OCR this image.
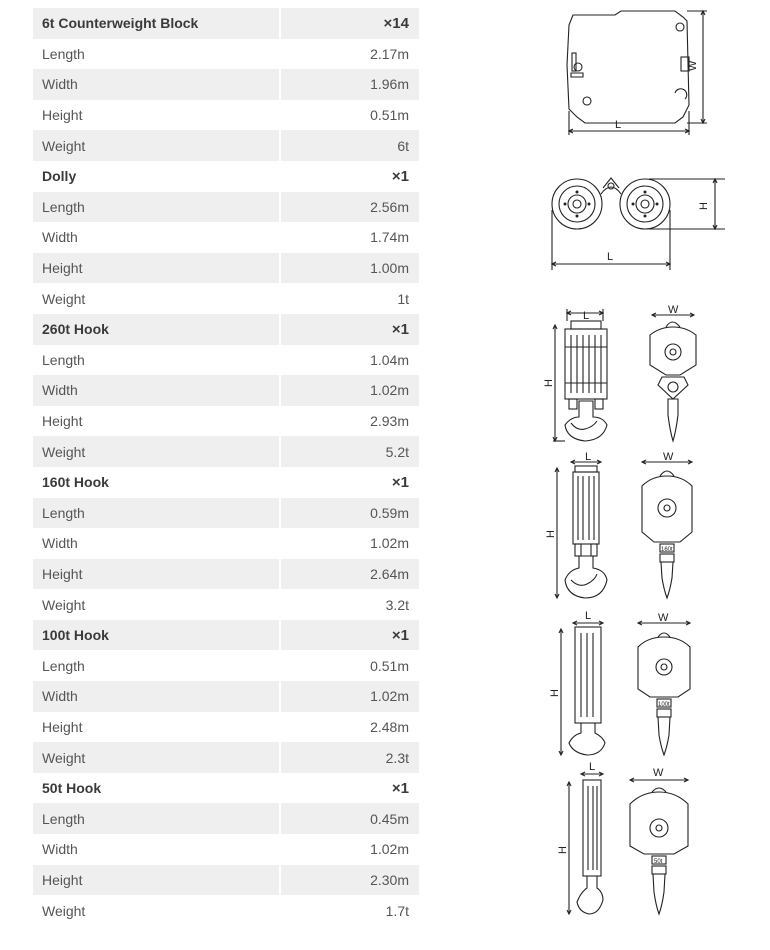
6t Counterweight Block	×14
Length	2.17m
Width	1.96m
Height	0.51m
Weight	6t
Dolly	×1
Length	2.56m
Width	1.74m
Height	1.00m
Weight	1t
260t Hook	×1
Length	1.04m
Width	1.02m
Height	2.93m
Weight	5.2t
160t Hook	×1
Length	0.59m
Width	1.02m
Height	2.64m
Weight	3.2t
100t Hook	×1
Length	0.51m
Width	1.02m
Height	2.48m
Weight	2.3t
50t Hook	×1
Length	0.45m
Width	1.02m
Height	2.30m
Weight	1.7t
W
L
H
L
H
L	W
H
L
160t
W
H
L
100t
W
H
L
50t
W
